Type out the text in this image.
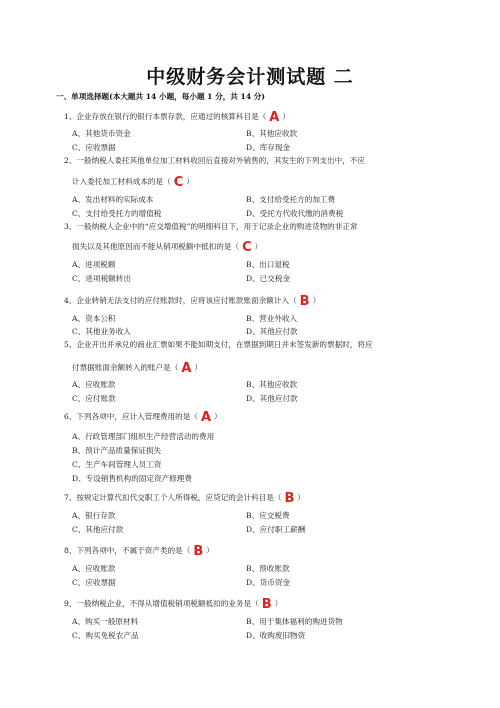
中级财务会计测试题 二
一、单项选择题(本大题共 14 小题，每小题 1 分，共 14 分)
1、企业存放在银行的银行本票存款，应通过的核算科目是（ A ）
A、其他货币资金	B、其他应收款
C、应收票据	D、库存现金
2、一般纳税人委托其他单位加工材料收回后直接对外销售的，其发生的下列支出中，不应
计入委托加工材料成本的是（ C ）
A、发出材料的实际成本	B、支付给受托方的加工费
C、支付给受托方的增值税	D、受托方代收代缴的消费税
3、一般纳税人企业中的“应交增值税”的明细科目下，用于记录企业的购进货物的非正常
损失以及其他原因而不能从销项税额中抵扣的是（ C ）
A、进项税额	B、出口退税
C、进项税额转出	D、已交税金
4、企业转销无法支付的应付账款时，应将该应付账款账面余额计入（ B ）
A、资本公积	B、营业外收入
C、其他业务收入	D、其他应付款
5、企业开出并承兑的商业汇票如果不能如期支付，在票据到期日并未签发新的票据时，将应
付票据账面余额转入的账户是（ A ）
A、应收账款	B、其他应收款
C、应付账款	D、其他应付款
6、下列各项中，应计入管理费用的是（ A ）
A、行政管理部门组织生产经营活动的费用
B、预计产品质量保证损失
C、生产车间管理人员工资
D、专设销售机构的固定资产修理费
7、按规定计算代扣代交职工个人所得税，应贷记的会计科目是（ B ）
A、银行存款	B、应交税费
C、其他应付款	D、应付职工薪酬
8、下列各项中，不属于资产类的是（ B ）
A、应收账款	B、预收账款
C、应收票据	D、货币资金
9、一般纳税企业，不得从增值税销项税额抵扣的业务是（ B ）
A、购买一般原材料	B、用于集体福利的购进货物
C、购买免税农产品	D、收购废旧物资
